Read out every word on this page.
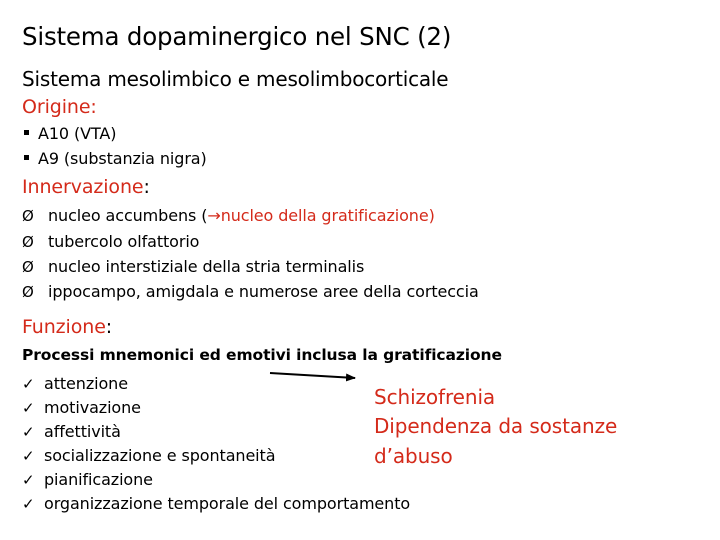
Sistema dopaminergico nel SNC (2)
Sistema mesolimbico e mesolimbocorticale
Origine:
A10 (VTA)
A9 (substanzia nigra)
Innervazione:
Ø nucleo accumbens ( → nucleo della gratificazione)
Ø tubercolo olfattorio
Ø nucleo interstiziale della stria terminalis
Ø ippocampo, amigdala e numerose aree della corteccia
Funzione:
Processi mnemonici ed emotivi inclusa la gratificazione
✓ attenzione
✓ motivazione
✓ affettività
✓ socializzazione e spontaneità
✓ pianificazione
✓ organizzazione temporale del comportamento
Schizofrenia
Dipendenza da sostanze
d’abuso
